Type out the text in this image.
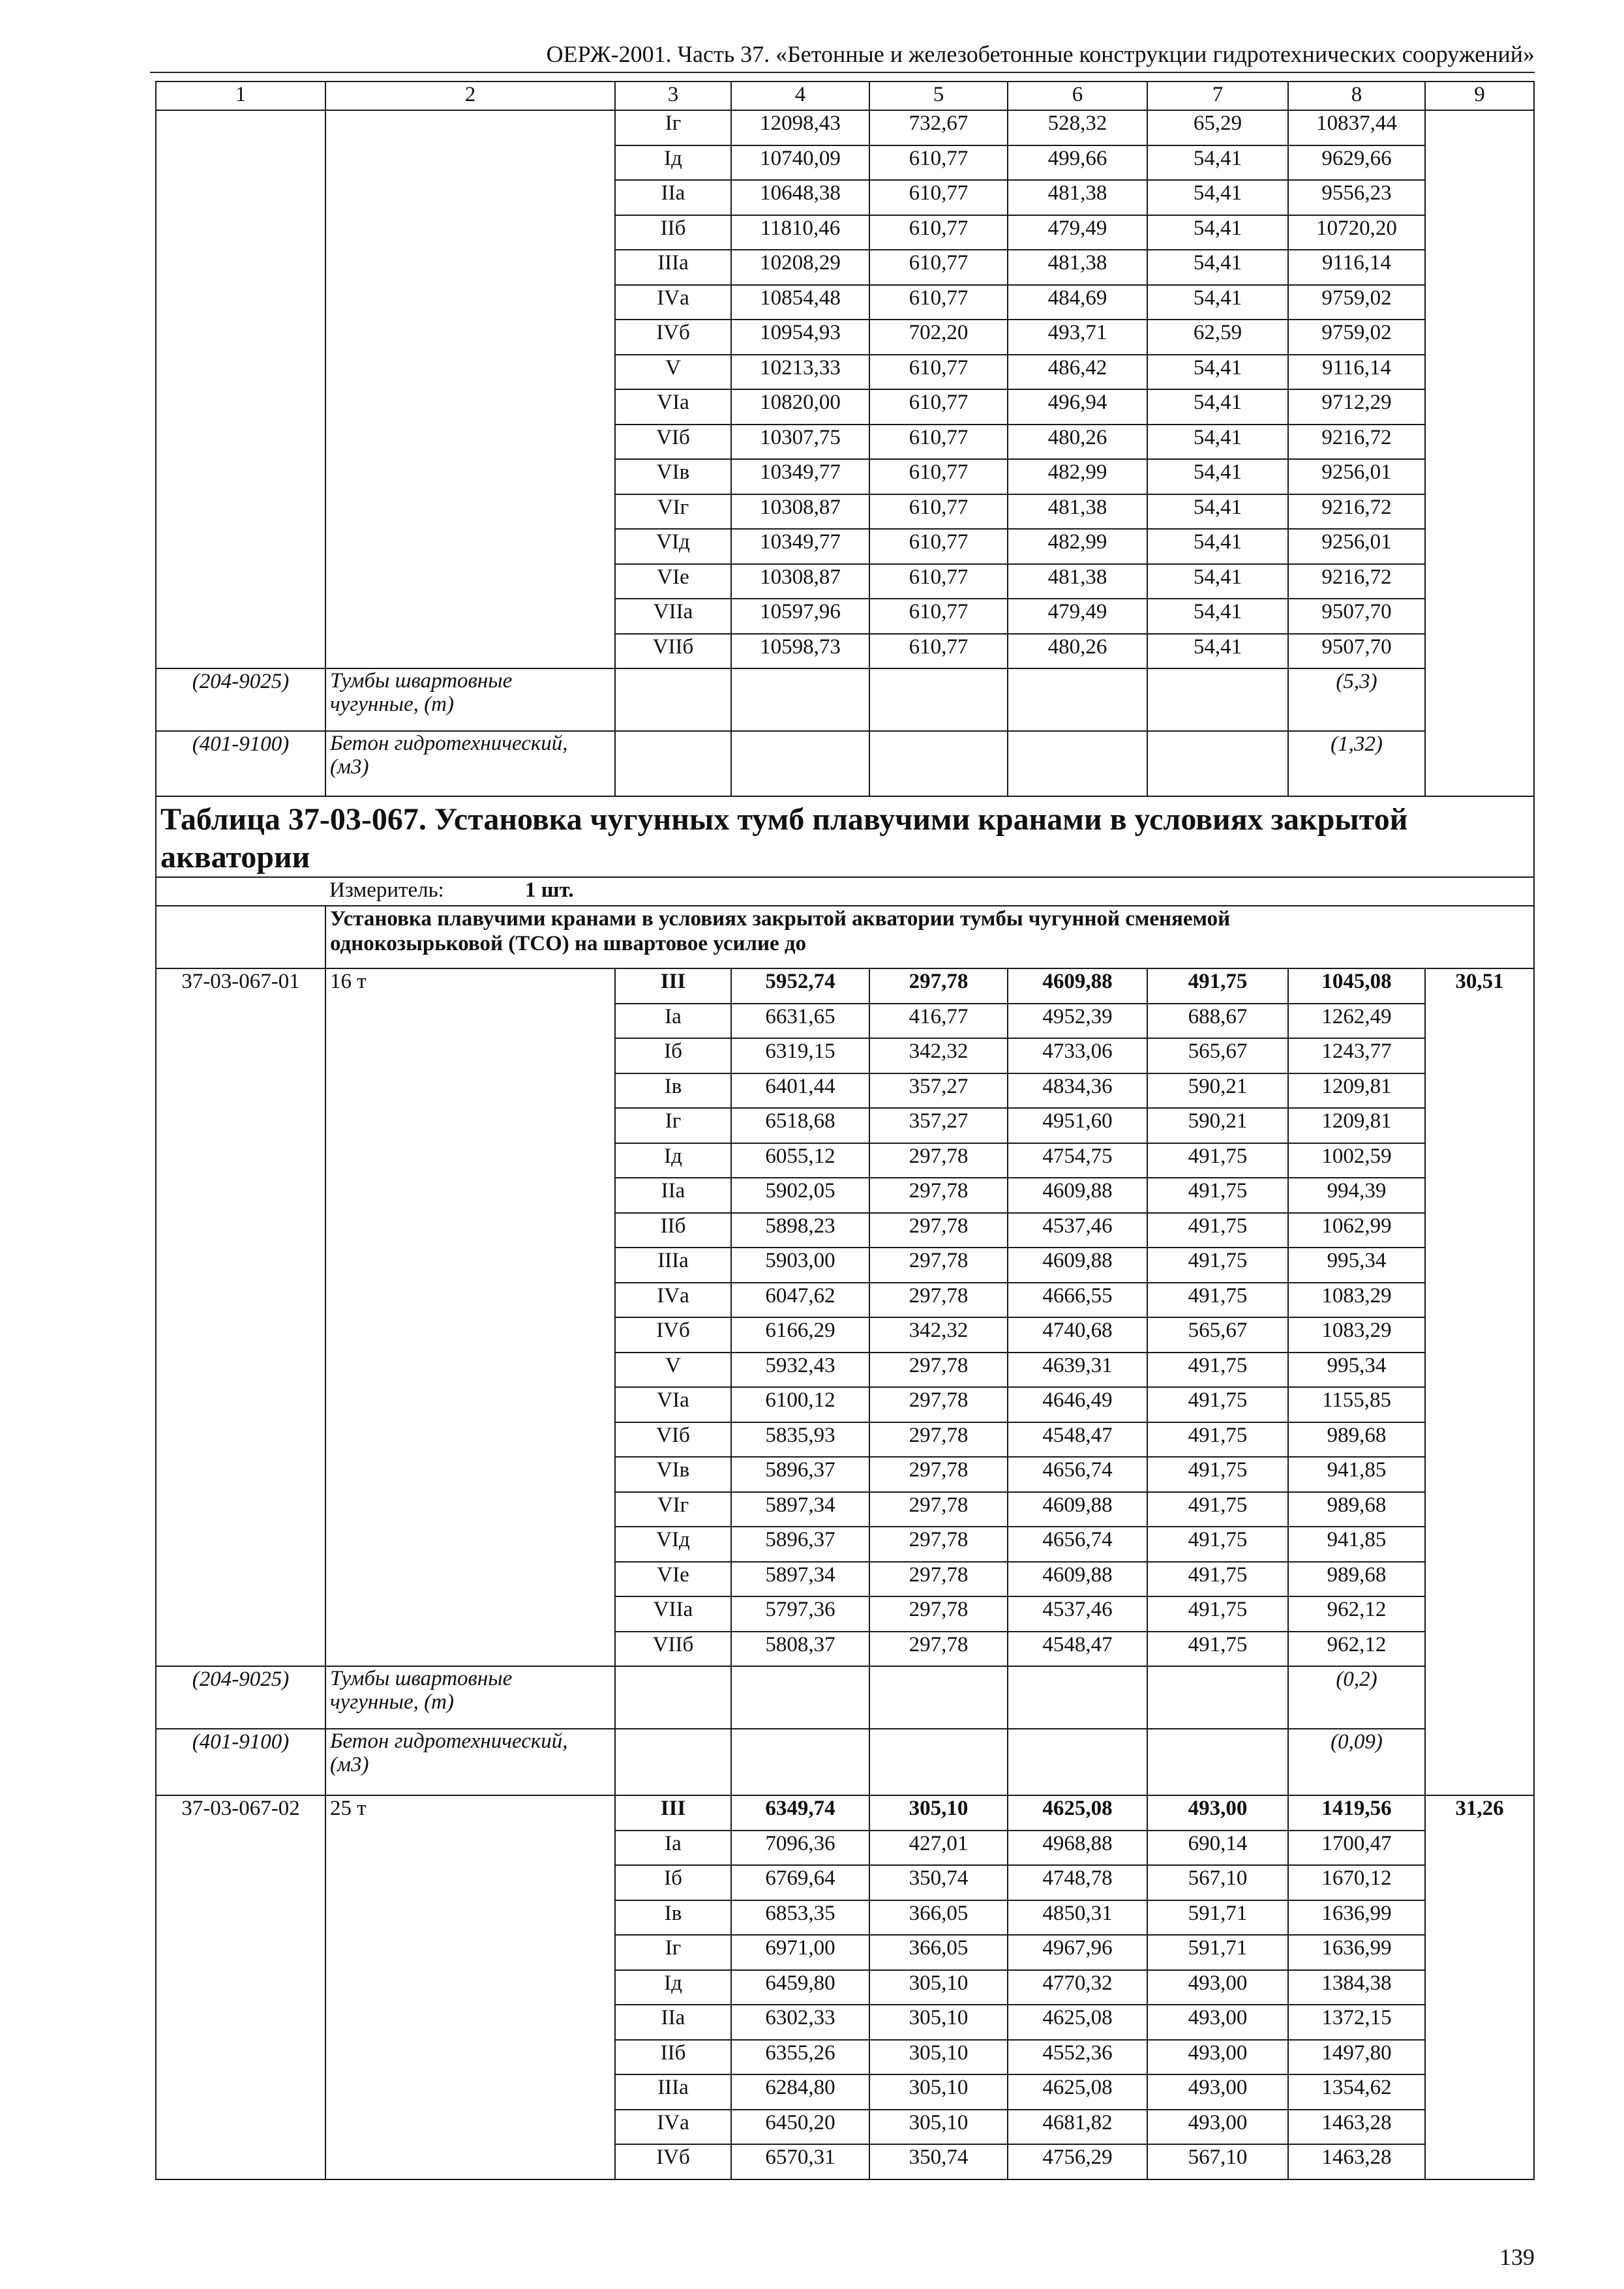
ОЕРЖ-2001. Часть 37. «Бетонные и железобетонные конструкции гидротехнических сооружений»
1	2	3	4	5	6	7	8	9
		Iг	12098,43	732,67	528,32	65,29	10837,44	
		Iд	10740,09	610,77	499,66	54,41	9629,66	
		IIа	10648,38	610,77	481,38	54,41	9556,23	
		IIб	11810,46	610,77	479,49	54,41	10720,20	
		IIIа	10208,29	610,77	481,38	54,41	9116,14	
		IVа	10854,48	610,77	484,69	54,41	9759,02	
		IVб	10954,93	702,20	493,71	62,59	9759,02	
		V	10213,33	610,77	486,42	54,41	9116,14	
		VIа	10820,00	610,77	496,94	54,41	9712,29	
		VIб	10307,75	610,77	480,26	54,41	9216,72	
		VIв	10349,77	610,77	482,99	54,41	9256,01	
		VIг	10308,87	610,77	481,38	54,41	9216,72	
		VIд	10349,77	610,77	482,99	54,41	9256,01	
		VIе	10308,87	610,77	481,38	54,41	9216,72	
		VIIа	10597,96	610,77	479,49	54,41	9507,70	
		VIIб	10598,73	610,77	480,26	54,41	9507,70	
(204-9025)	Тумбы швартовные
чугунные, (т)						(5,3)	
(401-9100)	Бетон гидротехнический,
(м3)						(1,32)	
Таблица 37-03-067. Установка чугунных тумб плавучими кранами в условиях закрытой
акватории								
	Измеритель: 1 шт.							
	Установка плавучими кранами в условиях закрытой акватории тумбы чугунной сменяемой
однокозырьковой (ТСО) на швартовое усилие до							
37-03-067-01	16 т	III	5952,74	297,78	4609,88	491,75	1045,08	30,51
		Iа	6631,65	416,77	4952,39	688,67	1262,49	
		Iб	6319,15	342,32	4733,06	565,67	1243,77	
		Iв	6401,44	357,27	4834,36	590,21	1209,81	
		Iг	6518,68	357,27	4951,60	590,21	1209,81	
		Iд	6055,12	297,78	4754,75	491,75	1002,59	
		IIа	5902,05	297,78	4609,88	491,75	994,39	
		IIб	5898,23	297,78	4537,46	491,75	1062,99	
		IIIа	5903,00	297,78	4609,88	491,75	995,34	
		IVа	6047,62	297,78	4666,55	491,75	1083,29	
		IVб	6166,29	342,32	4740,68	565,67	1083,29	
		V	5932,43	297,78	4639,31	491,75	995,34	
		VIа	6100,12	297,78	4646,49	491,75	1155,85	
		VIб	5835,93	297,78	4548,47	491,75	989,68	
		VIв	5896,37	297,78	4656,74	491,75	941,85	
		VIг	5897,34	297,78	4609,88	491,75	989,68	
		VIд	5896,37	297,78	4656,74	491,75	941,85	
		VIе	5897,34	297,78	4609,88	491,75	989,68	
		VIIа	5797,36	297,78	4537,46	491,75	962,12	
		VIIб	5808,37	297,78	4548,47	491,75	962,12	
(204-9025)	Тумбы швартовные
чугунные, (т)						(0,2)	
(401-9100)	Бетон гидротехнический,
(м3)						(0,09)	
37-03-067-02	25 т	III	6349,74	305,10	4625,08	493,00	1419,56	31,26
		Iа	7096,36	427,01	4968,88	690,14	1700,47	
		Iб	6769,64	350,74	4748,78	567,10	1670,12	
		Iв	6853,35	366,05	4850,31	591,71	1636,99	
		Iг	6971,00	366,05	4967,96	591,71	1636,99	
		Iд	6459,80	305,10	4770,32	493,00	1384,38	
		IIа	6302,33	305,10	4625,08	493,00	1372,15	
		IIб	6355,26	305,10	4552,36	493,00	1497,80	
		IIIа	6284,80	305,10	4625,08	493,00	1354,62	
		IVа	6450,20	305,10	4681,82	493,00	1463,28	
		IVб	6570,31	350,74	4756,29	567,10	1463,28	
139
